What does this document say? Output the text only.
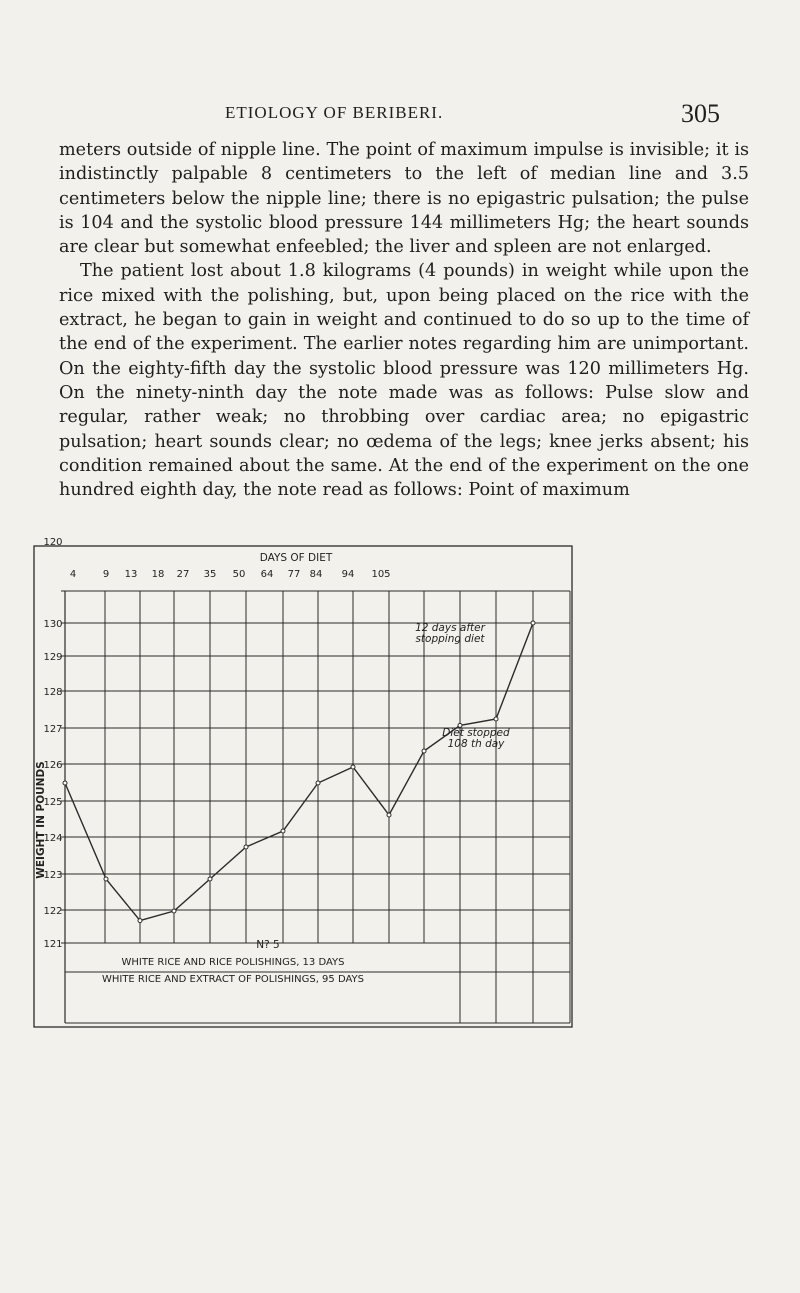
ETIOLOGY OF BERIBERI.	305

meters outside of nipple line. The point of maximum impulse is invisible; it is indistinctly palpable 8 centimeters to the left of median line and 3.5 centimeters below the nipple line; there is no epigastric pulsation; the pulse is 104 and the systolic blood pressure 144 millimeters Hg; the heart sounds are clear but somewhat enfeebled; the liver and spleen are not enlarged.

The patient lost about 1.8 kilograms (4 pounds) in weight while upon the rice mixed with the polishing, but, upon being placed on the rice with the extract, he began to gain in weight and continued to do so up to the time of the end of the experiment. The earlier notes regarding him are unimportant. On the eighty-fifth day the systolic blood pressure was 120 millimeters Hg. On the ninety-ninth day the note made was as follows: Pulse slow and regular, rather weak; no throbbing over cardiac area; no epigastric pulsation; heart sounds clear; no œdema of the legs; knee jerks absent; his condition remained about the same. At the end of the experiment on the one hundred eighth day, the note read as follows: Point of maximum

DAYS OF DIET
WEIGHT IN POUNDS
N? 5
WHITE RICE AND RICE POLISHINGS, 13 DAYS
WHITE RICE AND EXTRACT OF POLISHINGS, 95 DAYS
4	9 13 18 27 35 50 64 77 84 94 105
130
129
128
127
126
125
124
123
122
121
120
Diet stopped 108 th day
12 days after stopping diet
